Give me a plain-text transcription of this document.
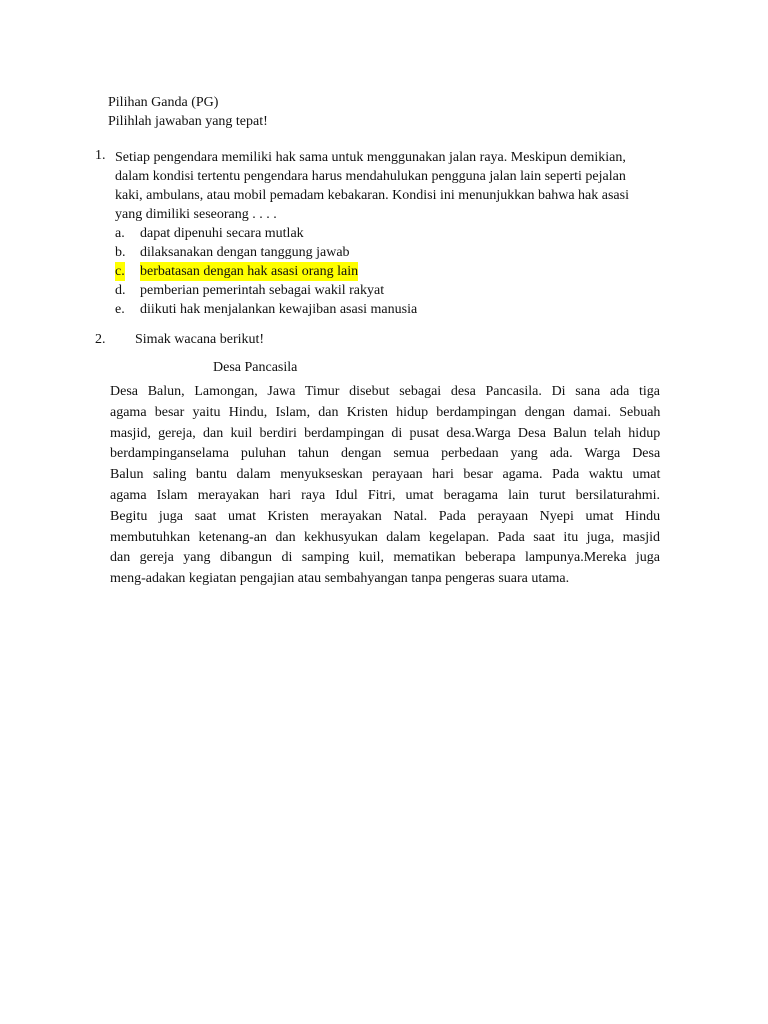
Pilihan Ganda (PG)
Pilihlah jawaban yang tepat!
1. Setiap pengendara memiliki hak sama untuk menggunakan jalan raya. Meskipun demikian,
dalam kondisi tertentu pengendara harus mendahulukan pengguna jalan lain seperti pejalan
kaki, ambulans, atau mobil pemadam kebakaran. Kondisi ini menunjukkan bahwa hak asasi
yang dimiliki seseorang . . . .
a. dapat dipenuhi secara mutlak
b. dilaksanakan dengan tanggung jawab
c. berbatasan dengan hak asasi orang lain
d. pemberian pemerintah sebagai wakil rakyat
e. diikuti hak menjalankan kewajiban asasi manusia
2. Simak wacana berikut!
Desa Pancasila
Desa Balun, Lamongan, Jawa Timur disebut sebagai desa Pancasila. Di sana ada tiga
agama besar yaitu Hindu, Islam, dan Kristen hidup berdampingan dengan damai. Sebuah
masjid, gereja, dan kuil berdiri berdampingan di pusat desa.Warga Desa Balun telah hidup
berdampinganselama puluhan tahun dengan semua perbedaan yang ada. Warga Desa
Balun saling bantu dalam menyukseskan perayaan hari besar agama. Pada waktu umat
agama Islam merayakan hari raya Idul Fitri, umat beragama lain turut bersilaturahmi.
Begitu juga saat umat Kristen merayakan Natal. Pada perayaan Nyepi umat Hindu
membutuhkan ketenang-an dan kekhusyukan dalam kegelapan. Pada saat itu juga, masjid
dan gereja yang dibangun di samping kuil, mematikan beberapa lampunya.Mereka juga
meng-adakan kegiatan pengajian atau sembahyangan tanpa pengeras suara utama.
